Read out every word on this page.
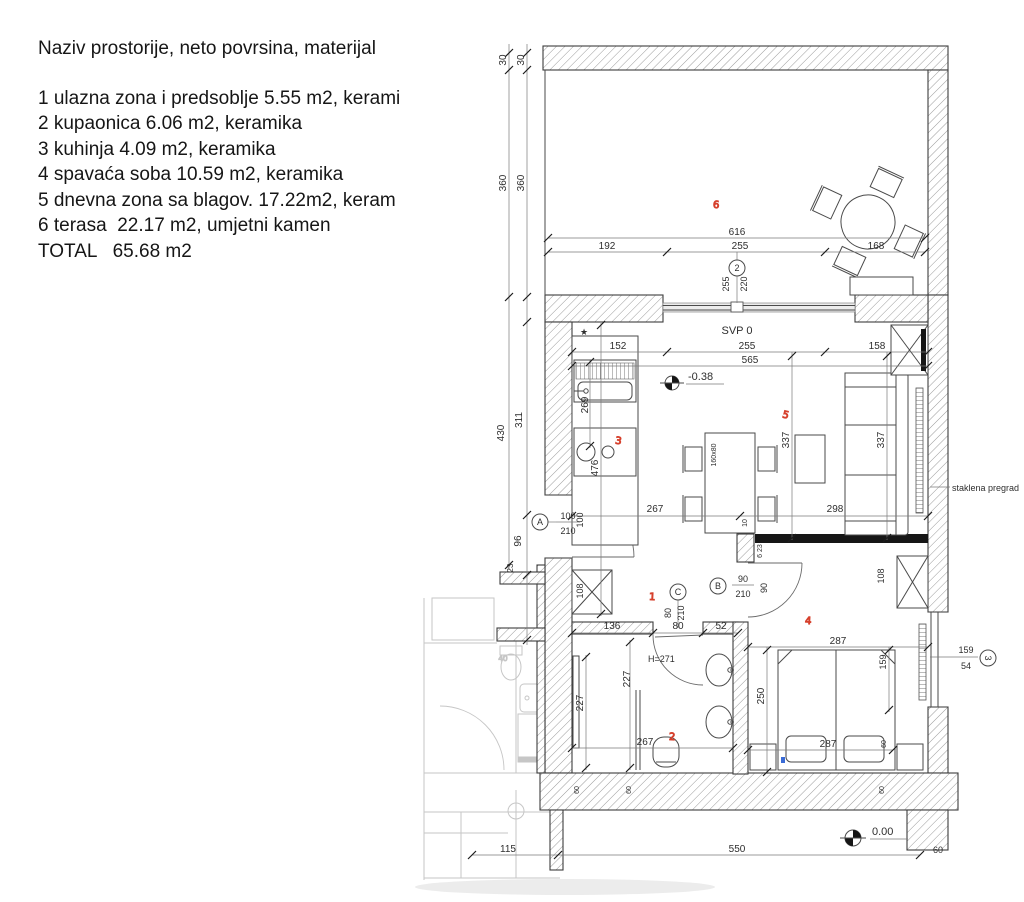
Naziv prostorije, neto povrsina, materijal
1 ulazna zona i predsoblje 5.55 m2, kerami
2 kupaonica 6.06 m2, keramika
3 kuhinja 4.09 m2, keramika
4 spavaća soba 10.59 m2, keramika
5 dnevna zona sa blagov. 17.22m2, keram
6 terasa  22.17 m2, umjetni kamen
TOTAL   65.68 m2
40
★
160x80
616
192	255	168
30 30
360 360
430
311
96
23
152	255	158
565
269
476
337	337
267	298
10
100
136	80	52
227
227
267
6 23
90
108
108
287
287
250
159
60
550
115	60
60	60	60
A
100
210
B
90
210
C
80 210
2
255 220
3
159
54
SVP 0
-0.38
0.00
staklena pregrad
H=271
6
3
5
1
2
4
